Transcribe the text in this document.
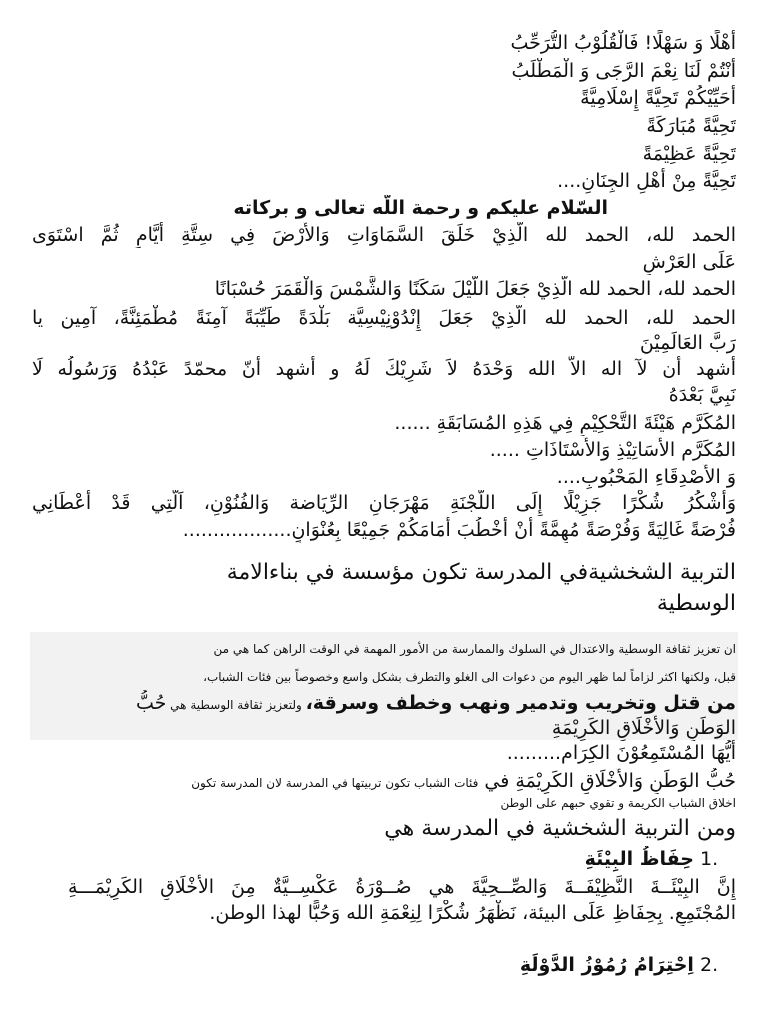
أَهْلًا وَ سَهْلًا! فَالْقُلُوْبُ التُّرَحِّبُ

أَنْتُمْ لَنَا نِعْمَ الرَّجَى وَ الْمَطْلَبُ

أُحَيِّيْكُمْ تَحِيَّةً إِسْلَامِيَّةً

تَحِيَّةً مُبَارَكَةً

تَحِيَّةً عَظِيْمَةً

تَحِيَّةً مِنْ أَهْلِ الجِنَانِ....

السّلام عليكم و رحمة اللّه تعالى و بركاته

الحمد لله، الحمد لله الَّذِيْ خَلَقَ السَّمَاوَاتِ وَالأَرْضَ فِي سِتَّةِ أَيَّامٍ ثُمَّ اسْتَوَى

عَلَى العَرْشِ

الحمد لله، الحمد لله الَّذِيْ جَعَلَ اللَّيْلَ سَكَنًا وَالشَّمْسَ وَالْقَمَرَ حُسْبَانًا

الحمد لله، الحمد لله الَّذِيْ جَعَلَ إِنْدُوْنِيْسِيَّة بَلْدَةً طَيِّبَةً آمِنَةً مُطْمَئِنَّةً، آمِين يا

رَبَّ العَالَمِيْنَ

أشهد أن لآ اله الاّ الله وَحْدَهُ لاَ شَرِيْكَ لَهُ و أشهد أنّ محمّدً عَبْدُهُ وَرَسُولُه لَا

نَبِيَّ بَعْدَهُ

المُكَرَّم هَيْئَةَ التَّحْكِيْمِ فِي هَذِهِ المُسَابَقَةِ ......

المُكَرَّم الأَسَاتِيْذِ وَالأَسْتَاذَاتِ .....

وَ الأَصْدِقَاءِ المَحْبُوبِ....

وَأَشْكُرُ شُكْرًا جَزِيْلًا إِلَى اللَّجْنَةِ مَهْرَجَانِ الرِّيَاضة وَالفُنُوْنِ، اَلَّتِي قَدْ أَعْطَانِي

فُرْصَةً غَالِيَةً وَفُرْصَةً مُهِمَّةً أَنْ أَخْطُبَ أَمَامَكُمْ جَمِيْعًا بِعُنْوَانٍ..................

التربية الشخشيةفي المدرسة تكون مؤسسة في بناءالامة

الوسطية

ان تعزيز ثقافة الوسطية والاعتدال في السلوك والممارسة من الأمور المهمة في الوقت الراهن كما هي من

قبل، ولكنها اكثر لزاماً لما ظهر اليوم من دعوات الى الغلو والتطرف بشكل واسع وخصوصاً بين فئات الشباب،

من قتل وتخريب وتدمير ونهب وخطف وسرقة، ولتعزيز ثقافة الوسطية هي حُبُّ

الوَطَنِ وَالأَخْلَاقِ الكَرِيْمَةِ

أَيُّهَا المُسْتَمِعُوْنَ الكِرَام.........

حُبُّ الوَطَنِ وَالأَخْلَاقِ الكَرِيْمَةِ في فئات الشباب تكون تربيتها في المدرسة لان المدرسة تكون

اخلاق الشباب الكريمة و تقوي حبهم على الوطن

ومن التربية الشخشية في المدرسة هي

1. حِفَاظُ البِيْئَةِ

إِنَّ البِيْئَــةَ النَّظِيْفَــةَ وَالصِّــحِيَّةَ هي صُــوْرَةُ عَكْسِــيَّةٌ مِنَ الأَخْلَاقِ الكَرِيْمَـــةِ

المُجْتَمِعِ. بِحِفَاظِ عَلَى البيئة، نَظْهَرُ شُكْرًا لِنِعْمَةِ الله وَحُبًّا لهذا الوطن.

2. اِحْتِرَامُ رُمُوْزُ الدَّوْلَةِ
